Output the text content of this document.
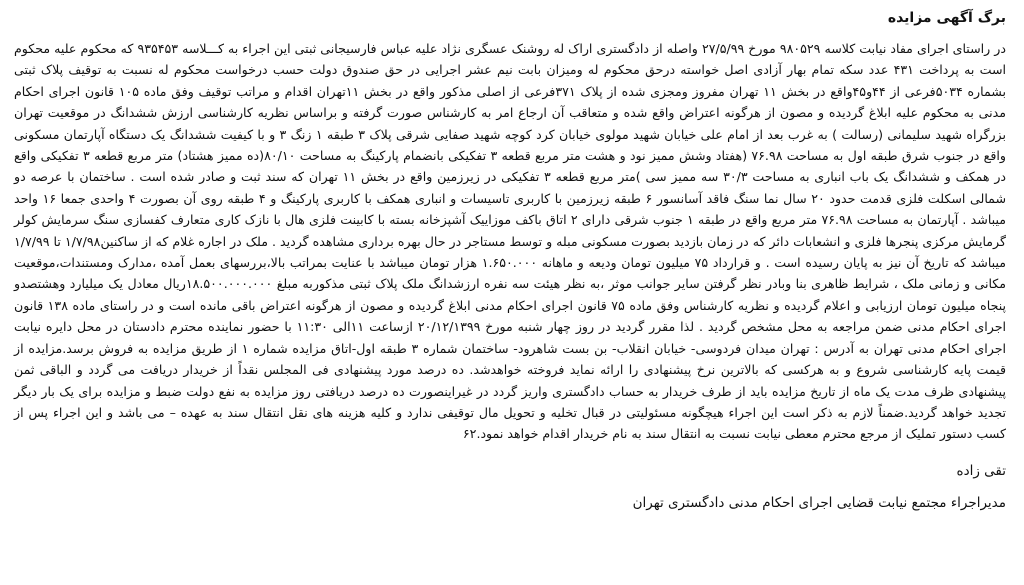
برگ آگهی مزایده

در راستای اجرای مفاد نیابت کلاسه ۹۸۰۵۲۹ مورخ ۲۷/۵/۹۹ واصله از دادگستری اراک له روشنک عسگری نژاد علیه عباس فارسیجانی ثبتی این اجراء به کـــلاسه ۹۳۵۴۵۳ که محکوم علیه محکوم است به پرداخت ۴۳۱ عدد سکه تمام بهار آزادی اصل خواسته درحق محکوم له ومیزان بابت نیم عشر اجرایی در حق صندوق دولت حسب درخواست محکوم له نسبت به توقیف پلاک ثبتی بشماره ۵۰۳۴فرعی از ۴۴و۴۵واقع در بخش ۱۱ تهران مفروز ومجزی شده از پلاک ۳۷۱فرعی از اصلی مذکور واقع در بخش ۱۱تهران اقدام و مراتب توقیف وفق ماده ۱۰۵ قانون اجرای احکام مدنی به محکوم علیه ابلاغ گردیده و مصون از هرگونه اعتراض واقع شده و متعاقب آن ارجاع امر به کارشناس صورت گرفته و براساس نظریه کارشناسی ارزش ششدانگ در موقعیت تهران بزرگراه شهید سلیمانی (رسالت ) به غرب بعد از امام علی خیابان شهید مولوی خیابان کرد کوچه شهید صفایی شرقی پلاک ۳ طبقه ۱ زنگ ۳ و با کیفیت ششدانگ یک دستگاه آپارتمان مسکونی واقع در جنوب شرق طبقه اول به مساحت ۷۶.۹۸ (هفتاد وشش ممیز نود و هشت متر مربع قطعه ۳ تفکیکی بانضمام پارکینگ به مساحت ۸۰/۱۰(ده ممیز هشتاد) متر مربع قطعه ۳ تفکیکی واقع در همکف و ششدانگ یک باب انباری به مساحت ۳۰/۳ سه ممیز سی )متر مربع قطعه ۳ تفکیکی در زیرزمین واقع در بخش ۱۱ تهران که سند ثبت و صادر شده است . ساختمان با عرصه دو شمالی اسکلت فلزی قدمت حدود ۲۰ سال نما سنگ فاقد آسانسور ۶ طبقه زیرزمین با کاربری تاسیسات و انباری همکف با کاربری پارکینگ و ۴ طبقه روی آن بصورت ۴ واحدی جمعا ۱۶ واحد میباشد . آپارتمان به مساحت ۷۶.۹۸ متر مربع واقع در طبقه ۱ جنوب شرقی دارای ۲ اتاق باکف موزاییک آشپزخانه بسته با کابینت فلزی هال با نازک کاری متعارف کفسازی سنگ سرمایش کولر گرمایش مرکزی پنجرها فلزی و انشعابات دائر که در زمان بازدید بصورت مسکونی مبله و توسط مستاجر در حال بهره برداری مشاهده گردید . ملک در اجاره غلام که از ساکنین۱/۷/۹۸ تا ۱/۷/۹۹ میباشد که تاریخ آن نیز به پایان رسیده است . و قرارداد ۷۵ میلیون تومان ودیعه و ماهانه ۱.۶۵۰.۰۰۰ هزار تومان میباشد با عنایت بمراتب بالا،بررسهای بعمل آمده ،مدارک ومستندات،موقعیت مکانی و زمانی ملک ، شرایط ظاهری بنا وبادر نظر گرفتن سایر جوانب موثر ،به نظر هیئت سه نفره ارزشدانگ ملک پلاک ثبتی مذکوربه مبلغ ۱۸.۵۰۰.۰۰۰.۰۰۰ریال معادل یک میلیارد وهشتصدو پنجاه میلیون تومان ارزیابی و اعلام گردیده و نظریه کارشناس وفق ماده ۷۵ قانون اجرای احکام مدنی ابلاغ گردیده و مصون از هرگونه اعتراض باقی مانده است و در راستای ماده ۱۳۸ قانون اجرای احکام مدنی ضمن مراجعه به محل مشخص گردید . لذا مقرر گردید در روز چهار شنبه مورخ ۲۰/۱۲/۱۳۹۹ ازساعت ۱۱الی ۱۱:۳۰ با حضور نماینده محترم دادستان در محل دایره نیابت اجرای احکام مدنی تهران به آدرس : تهران میدان فردوسی- خیابان انقلاب- بن بست شاهرود- ساختمان شماره ۳ طبقه اول-اتاق مزایده شماره ۱ از طریق مزایده به فروش برسد.مزایده از قیمت پایه کارشناسی شروع و به هرکسی که بالاترین نرخ پیشنهادی را ارائه نماید فروخته خواهدشد. ده درصد مورد پیشنهادی فی المجلس نقداً از خریدار دریافت می گردد و الباقی ثمن پیشنهادی ظرف مدت یک ماه از تاریخ مزایده باید از طرف خریدار به حساب دادگستری واریز گردد در غیراینصورت ده درصد دریافتی روز مزایده به نفع دولت ضبط و مزایده برای یک بار دیگر تجدید خواهد گردید.ضمناً لازم به ذکر است این اجراء هیچگونه مسئولیتی در قبال تخلیه و تحویل مال توقیفی ندارد و کلیه هزینه های نقل انتقال سند به عهده – می باشد و این اجراء پس از کسب دستور تملیک از مرجع محترم معطی نیابت نسبت به انتقال سند به نام خریدار اقدام خواهد نمود.۶۲

تقی زاده
مدیراجراء مجتمع نیابت قضایی اجرای احکام مدنی دادگستری تهران
